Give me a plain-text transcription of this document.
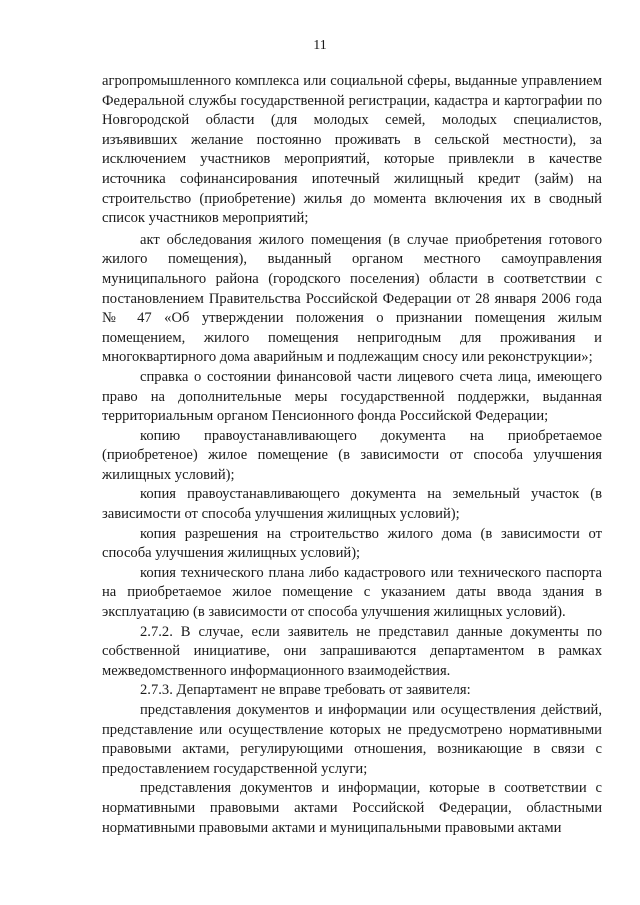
11

агропромышленного комплекса или социальной сферы, выданные управлением Федеральной службы государственной регистрации, кадастра и картографии по Новгородской области (для молодых семей, молодых специалистов, изъявивших желание постоянно проживать в сельской местности), за исключением участников мероприятий, которые привлекли в качестве источника софинансирования ипотечный жилищный кредит (займ) на строительство (приобретение) жилья до момента включения их в сводный список участников мероприятий;

акт обследования жилого помещения (в случае приобретения готового жилого помещения), выданный органом местного самоуправления муниципального района (городского поселения) области в соответствии с постановлением Правительства Российской Федерации от 28 января 2006 года № 47 «Об утверждении положения о признании помещения жилым помещением, жилого помещения непригодным для проживания и многоквартирного дома аварийным и подлежащим сносу или реконструкции»;

справка о состоянии финансовой части лицевого счета лица, имеющего право на дополнительные меры государственной поддержки, выданная территориальным органом Пенсионного фонда Российской Федерации;

копию правоустанавливающего документа на приобретаемое (приобретеное) жилое помещение (в зависимости от способа улучшения жилищных условий);

копия правоустанавливающего документа на земельный участок (в зависимости от способа улучшения жилищных условий);

копия разрешения на строительство жилого дома (в зависимости от способа улучшения жилищных условий);

копия технического плана либо кадастрового или технического паспорта на приобретаемое жилое помещение с указанием даты ввода здания в эксплуатацию (в зависимости от способа улучшения жилищных условий).

2.7.2. В случае, если заявитель не представил данные документы по собственной инициативе, они запрашиваются департаментом в рамках межведомственного информационного взаимодействия.

2.7.3. Департамент не вправе требовать от заявителя:

представления документов и информации или осуществления действий, представление или осуществление которых не предусмотрено нормативными правовыми актами, регулирующими отношения, возникающие в связи с предоставлением государственной услуги;

представления документов и информации, которые в соответствии с нормативными правовыми актами Российской Федерации, областными нормативными правовыми актами и муниципальными правовыми актами
